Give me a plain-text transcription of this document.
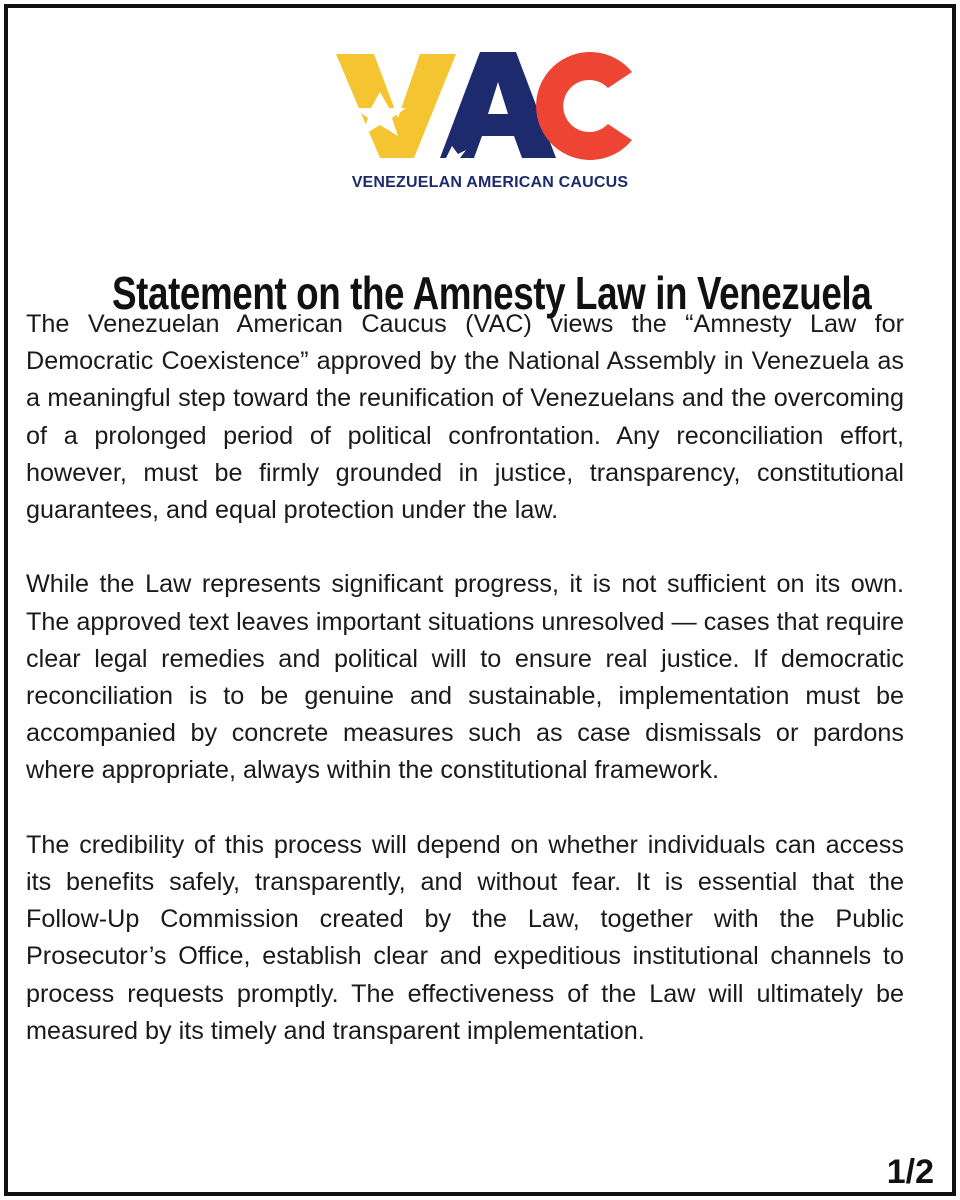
VENEZUELAN AMERICAN CAUCUS
Statement on the Amnesty Law in Venezuela

The Venezuelan American Caucus (VAC) views the “Amnesty Law for Democratic Coexistence” approved by the National Assembly in Venezuela as a meaningful step toward the reunification of Venezuelans and the overcoming of a prolonged period of political confrontation. Any reconciliation effort, however, must be firmly grounded in justice, transparency, constitutional guarantees, and equal protection under the law.

While the Law represents significant progress, it is not sufficient on its own. The approved text leaves important situations unresolved — cases that require clear legal remedies and political will to ensure real justice. If democratic reconciliation is to be genuine and sustainable, implementation must be accompanied by concrete measures such as case dismissals or pardons where appropriate, always within the constitutional framework.

The credibility of this process will depend on whether individuals can access its benefits safely, transparently, and without fear. It is essential that the Follow-Up Commission created by the Law, together with the Public Prosecutor’s Office, establish clear and expeditious institutional channels to process requests promptly. The effectiveness of the Law will ultimately be measured by its timely and transparent implementation.

1/2
